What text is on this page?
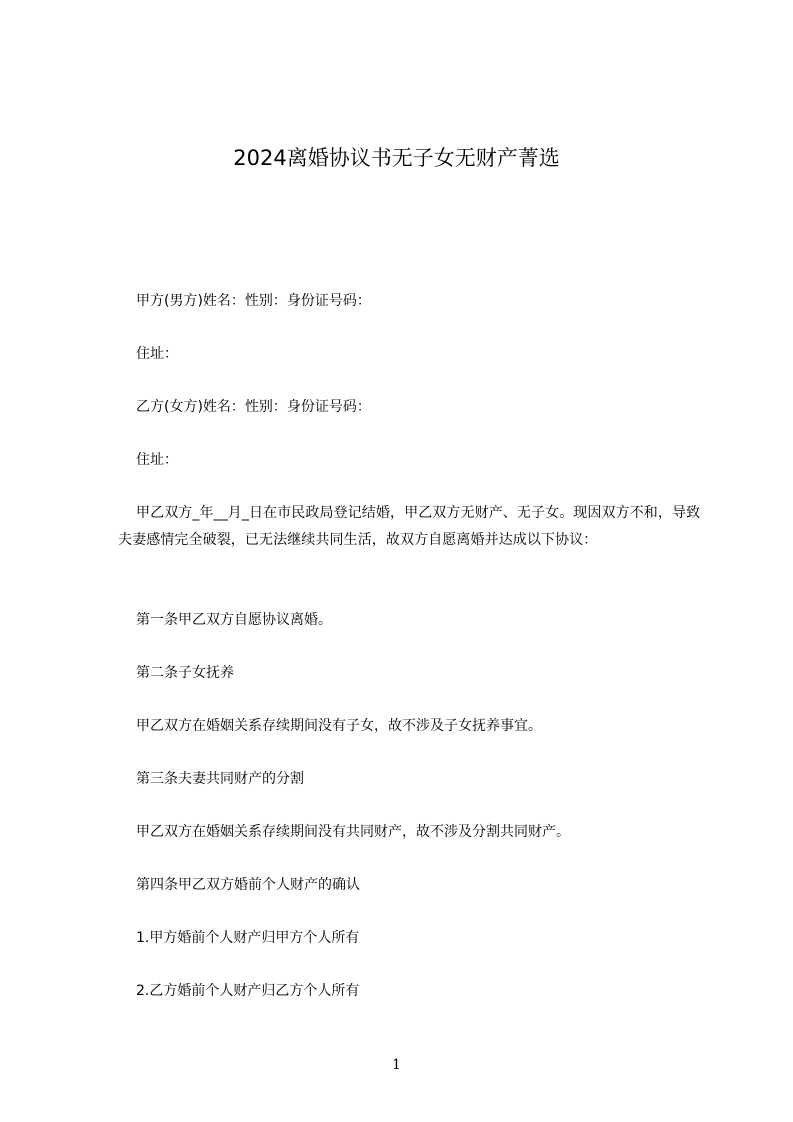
2024离婚协议书无子女无财产菁选
甲方(男方)姓名：性别：身份证号码：
住址：
乙方(女方)姓名：性别：身份证号码：
住址：
甲乙双方_年__月_日在市民政局登记结婚，甲乙双方无财产、无子女。现因双方不和，导致夫妻感情完全破裂，已无法继续共同生活，故双方自愿离婚并达成以下协议：
第一条甲乙双方自愿协议离婚。
第二条子女抚养
甲乙双方在婚姻关系存续期间没有子女，故不涉及子女抚养事宜。
第三条夫妻共同财产的分割
甲乙双方在婚姻关系存续期间没有共同财产，故不涉及分割共同财产。
第四条甲乙双方婚前个人财产的确认
1.甲方婚前个人财产归甲方个人所有
2.乙方婚前个人财产归乙方个人所有
1
